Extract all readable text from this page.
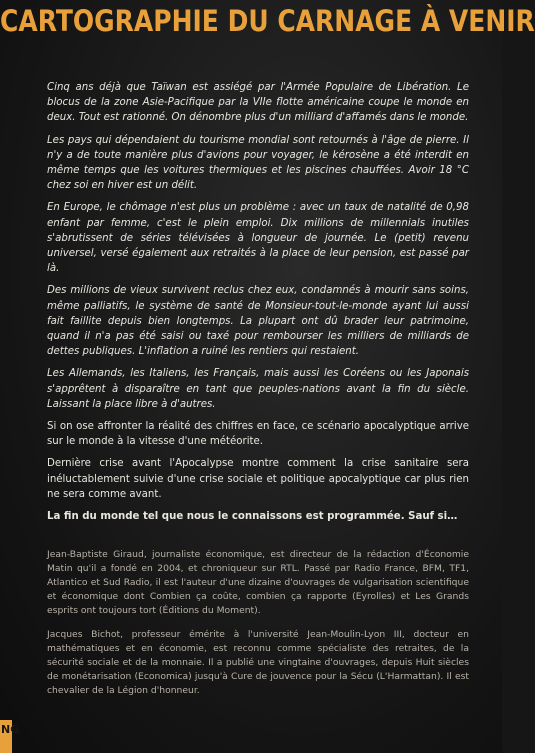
CARTOGRAPHIE DU CARNAGE À VENIR

Cinq ans déjà que Taïwan est assiégé par l'Armée Populaire de Libération. Le blocus de la zone Asie-Pacifique par la VIIe flotte américaine coupe le monde en deux. Tout est rationné. On dénombre plus d'un milliard d'affamés dans le monde.

Les pays qui dépendaient du tourisme mondial sont retournés à l'âge de pierre. Il n'y a de toute manière plus d'avions pour voyager, le kérosène a été interdit en même temps que les voitures thermiques et les piscines chauffées. Avoir 18 °C chez soi en hiver est un délit.

En Europe, le chômage n'est plus un problème : avec un taux de natalité de 0,98 enfant par femme, c'est le plein emploi. Dix millions de millennials inutiles s'abrutissent de séries télévisées à longueur de journée. Le (petit) revenu universel, versé également aux retraités à la place de leur pension, est passé par là.

Des millions de vieux survivent reclus chez eux, condamnés à mourir sans soins, même palliatifs, le système de santé de Monsieur-tout-le-monde ayant lui aussi fait faillite depuis bien longtemps. La plupart ont dû brader leur patrimoine, quand il n'a pas été saisi ou taxé pour rembourser les milliers de milliards de dettes publiques. L'inflation a ruiné les rentiers qui restaient.

Les Allemands, les Italiens, les Français, mais aussi les Coréens ou les Japonais s'apprêtent à disparaître en tant que peuples-nations avant la fin du siècle. Laissant la place libre à d'autres.

Si on ose affronter la réalité des chiffres en face, ce scénario apocalyptique arrive sur le monde à la vitesse d'une météorite.

Dernière crise avant l'Apocalypse montre comment la crise sanitaire sera inéluctablement suivie d'une crise sociale et politique apocalyptique car plus rien ne sera comme avant.

La fin du monde tel que nous le connaissons est programmée. Sauf si…

Jean-Baptiste Giraud, journaliste économique, est directeur de la rédaction d'Économie Matin qu'il a fondé en 2004, et chroniqueur sur RTL. Passé par Radio France, BFM, TF1, Atlantico et Sud Radio, il est l'auteur d'une dizaine d'ouvrages de vulgarisation scientifique et économique dont Combien ça coûte, combien ça rapporte (Eyrolles) et Les Grands esprits ont toujours tort (Éditions du Moment).

Jacques Bichot, professeur émérite à l'université Jean-Moulin-Lyon III, docteur en mathématiques et en économie, est reconnu comme spécialiste des retraites, de la sécurité sociale et de la monnaie. Il a publié une vingtaine d'ouvrages, depuis Huit siècles de monétarisation (Economica) jusqu'à Cure de jouvence pour la Sécu (L'Harmattan). Il est chevalier de la Légion d'honneur.

NG
